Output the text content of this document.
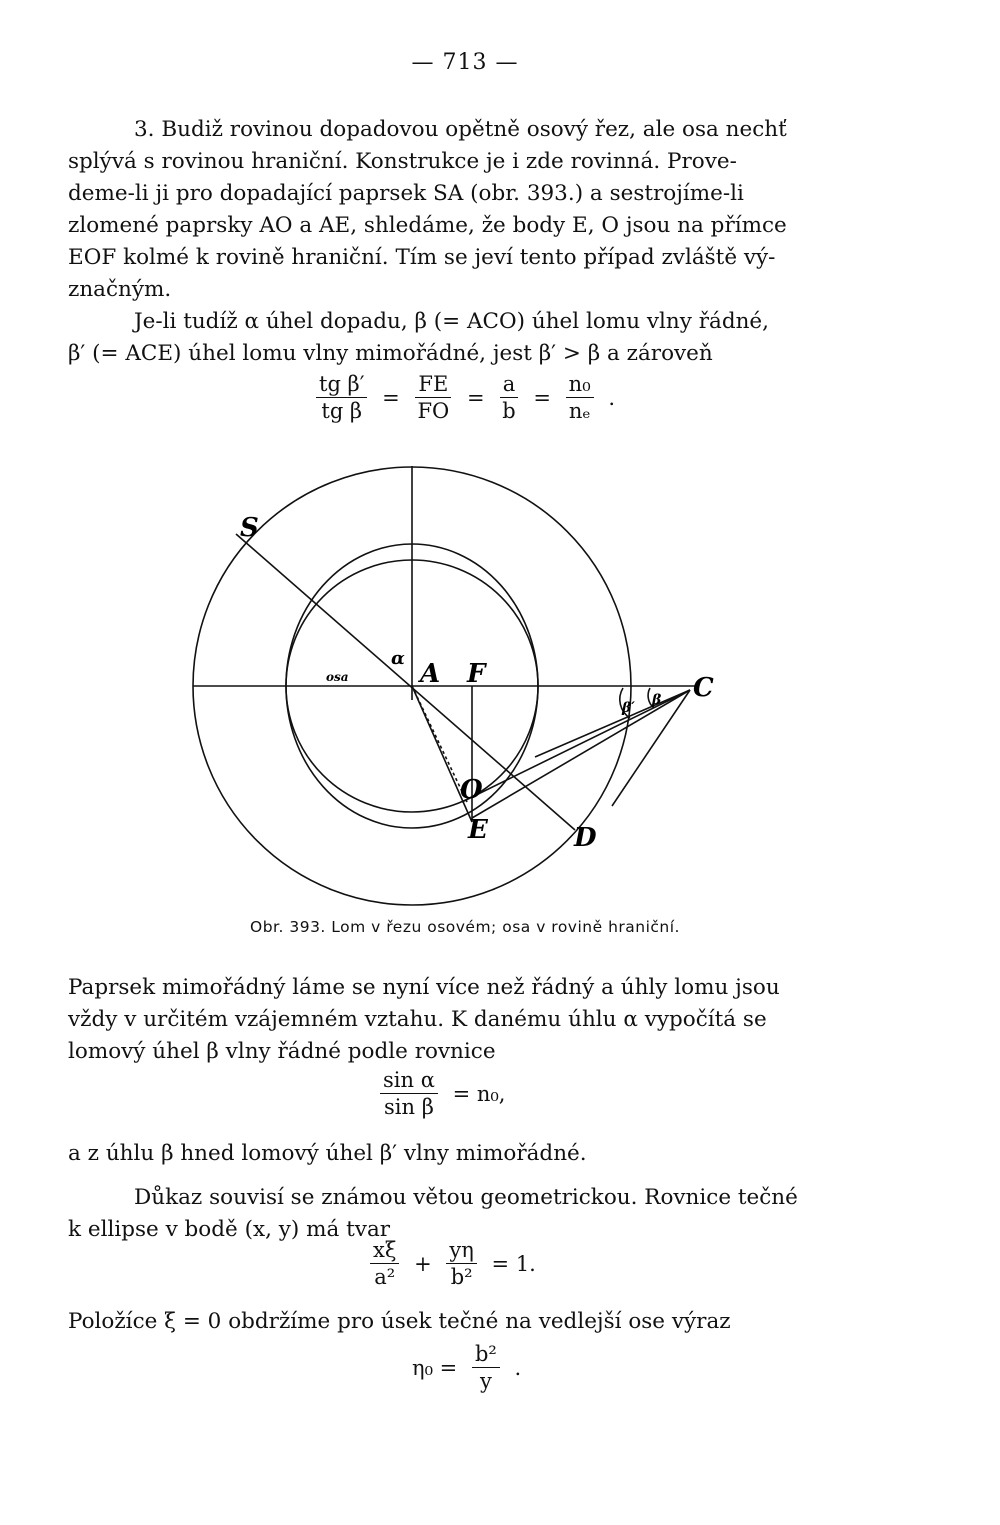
— 713 —

3. Budiž rovinou dopadovou opětně osový řez, ale osa nechť

splývá s rovinou hraniční. Konstrukce je i zde rovinná. Prove-

deme-li ji pro dopadající paprsek SA (obr. 393.) a sestrojíme-li

zlomené paprsky AO a AE, shledáme, že body E, O jsou na přímce

EOF kolmé k rovině hraniční. Tím se jeví tento případ zvláště vý-

značným.

Je-li tudíž α úhel dopadu, β (= ACO) úhel lomu vlny řádné,

β′ (= ACE) úhel lomu vlny mimořádné, jest β′ > β a zároveň

$\frac{\text{tg β′}}{\text{tg β}} = \frac{FE}{FO} = \frac{a}{b} = \frac{\text{n₀}}{\text{nₑ}}$ .
S
α
osa	A F	C
β′ β
O
E	D
Obr. 393. Lom v řezu osovém; osa v rovině hraniční.

Paprsek mimořádný láme se nyní více než řádný a úhly lomu jsou

vždy v určitém vzájemném vztahu. K danému úhlu α vypočítá se

lomový úhel β vlny řádné podle rovnice

$\frac{\text{sin α}}{\text{sin β}} = n_0$,

a z úhlu β hned lomový úhel β′ vlny mimořádné.

Důkaz souvisí se známou větou geometrickou. Rovnice tečné

k ellipse v bodě (x, y) má tvar

$\frac{x\xi}{\text{a²}} + \frac{y\eta}{\text{b²}} = 1$.

Položíce ξ = 0 obdržíme pro úsek tečné na vedlejší ose výraz

$\eta_0 = \frac{\text{b²}}{y}$ .
